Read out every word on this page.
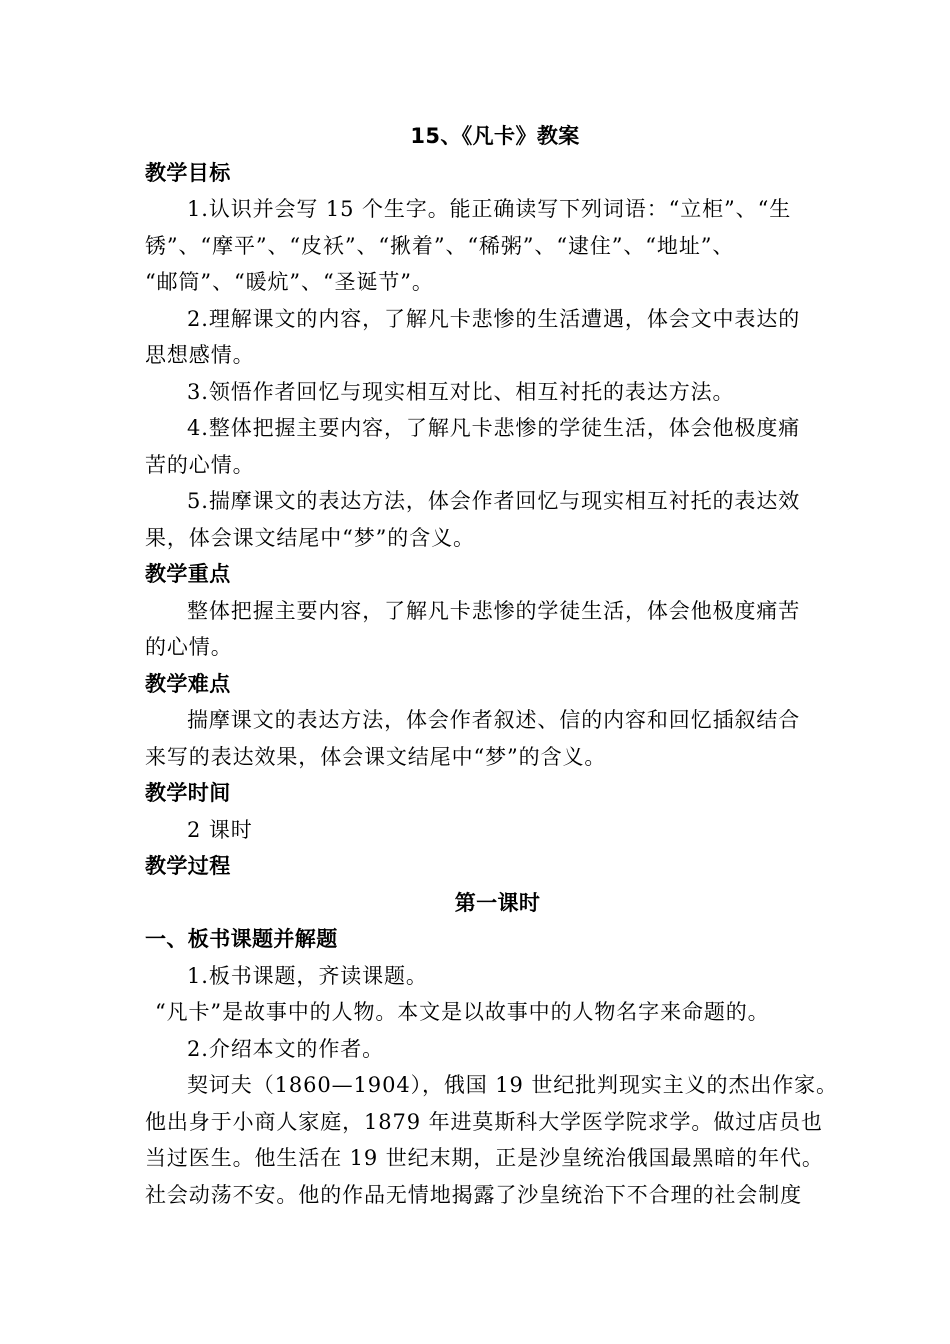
15、《凡卡》教案
教学目标
1.认识并会写 15 个生字。能正确读写下列词语：“立柜”、“生
锈”、“摩平”、“皮袄”、“揪着”、“稀粥”、“逮住”、“地址”、
“邮筒”、“暖炕”、“圣诞节”。
2.理解课文的内容，了解凡卡悲惨的生活遭遇，体会文中表达的
思想感情。
3.领悟作者回忆与现实相互对比、相互衬托的表达方法。
4.整体把握主要内容，了解凡卡悲惨的学徒生活，体会他极度痛
苦的心情。
5.揣摩课文的表达方法，体会作者回忆与现实相互衬托的表达效
果，体会课文结尾中“梦”的含义。
教学重点
整体把握主要内容，了解凡卡悲惨的学徒生活，体会他极度痛苦
的心情。
教学难点
揣摩课文的表达方法，体会作者叙述、信的内容和回忆插叙结合
来写的表达效果，体会课文结尾中“梦”的含义。
教学时间
2 课时
教学过程
第一课时
一、板书课题并解题
1.板书课题，齐读课题。
“凡卡”是故事中的人物。本文是以故事中的人物名字来命题的。
2.介绍本文的作者。
契诃夫（1860—1904），俄国 19 世纪批判现实主义的杰出作家。
他出身于小商人家庭，1879 年进莫斯科大学医学院求学。做过店员也
当过医生。他生活在 19 世纪末期，正是沙皇统治俄国最黑暗的年代。
社会动荡不安。他的作品无情地揭露了沙皇统治下不合理的社会制度
